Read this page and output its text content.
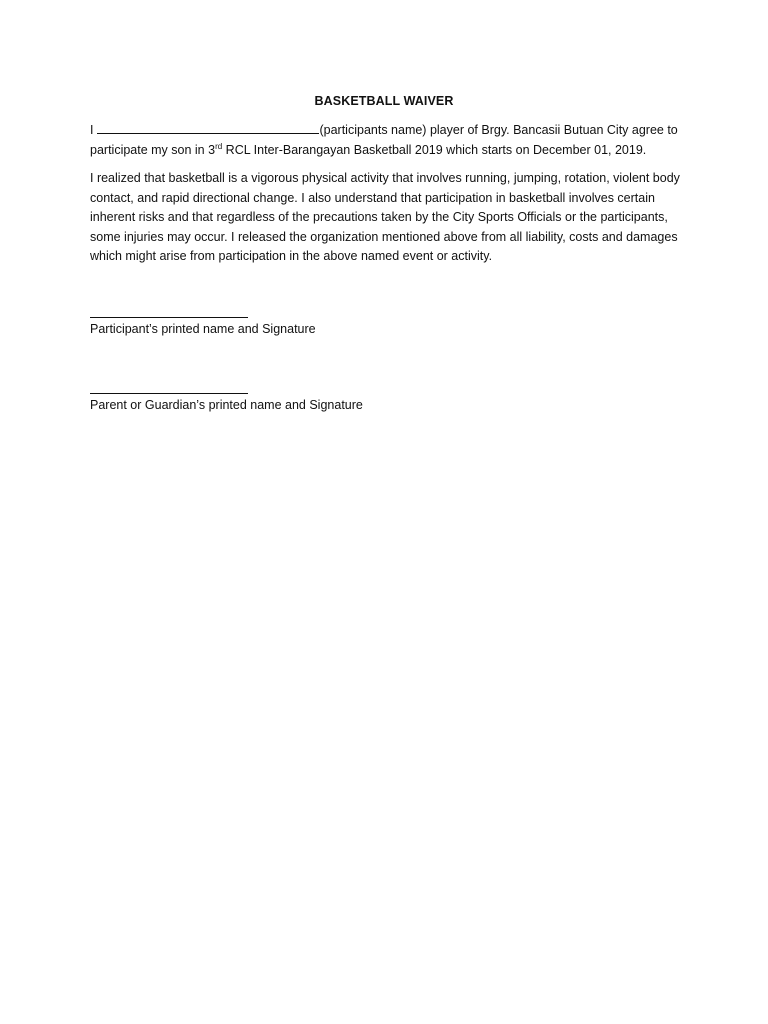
BASKETBALL WAIVER
I	(participants name) player of Brgy. Bancasii Butuan City agree to participate my son in 3rd RCL Inter-Barangayan Basketball 2019 which starts on December 01, 2019.
I realized that basketball is a vigorous physical activity that involves running, jumping, rotation, violent body contact, and rapid directional change. I also understand that participation in basketball involves certain inherent risks and that regardless of the precautions taken by the City Sports Officials or the participants, some injuries may occur. I released the organization mentioned above from all liability, costs and damages which might arise from participation in the above named event or activity.
Participant’s printed name and Signature
Parent or Guardian’s printed name and Signature
